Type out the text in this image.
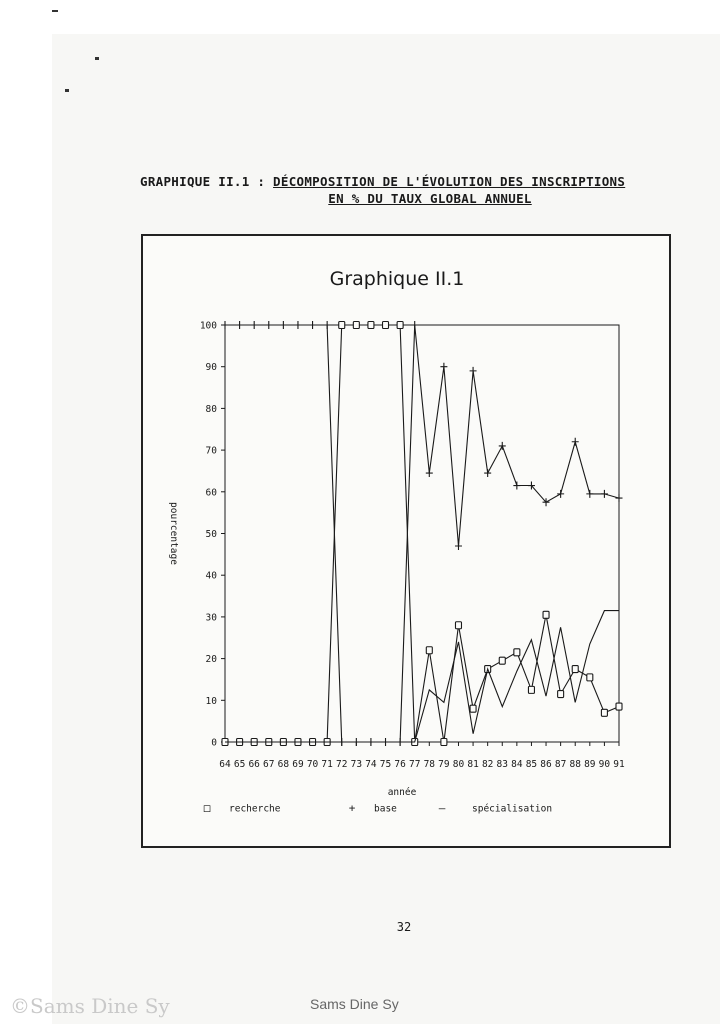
GRAPHIQUE II.1 : DÉCOMPOSITION DE L'ÉVOLUTION DES INSCRIPTIONS
EN % DU TAUX GLOBAL ANNUEL
Graphique II.1
0
10
20
30
40
50
60
70
80
90
100
64 65 66 67 68 69 70 71 72 73 74 75 76 77 78 79 80 81 82 83 84 85 86 87 88 89 90 91
année
pourcentage
□ recherche	+ base	—	spécialisation
32
©Sams Dine Sy	Sams Dine Sy
